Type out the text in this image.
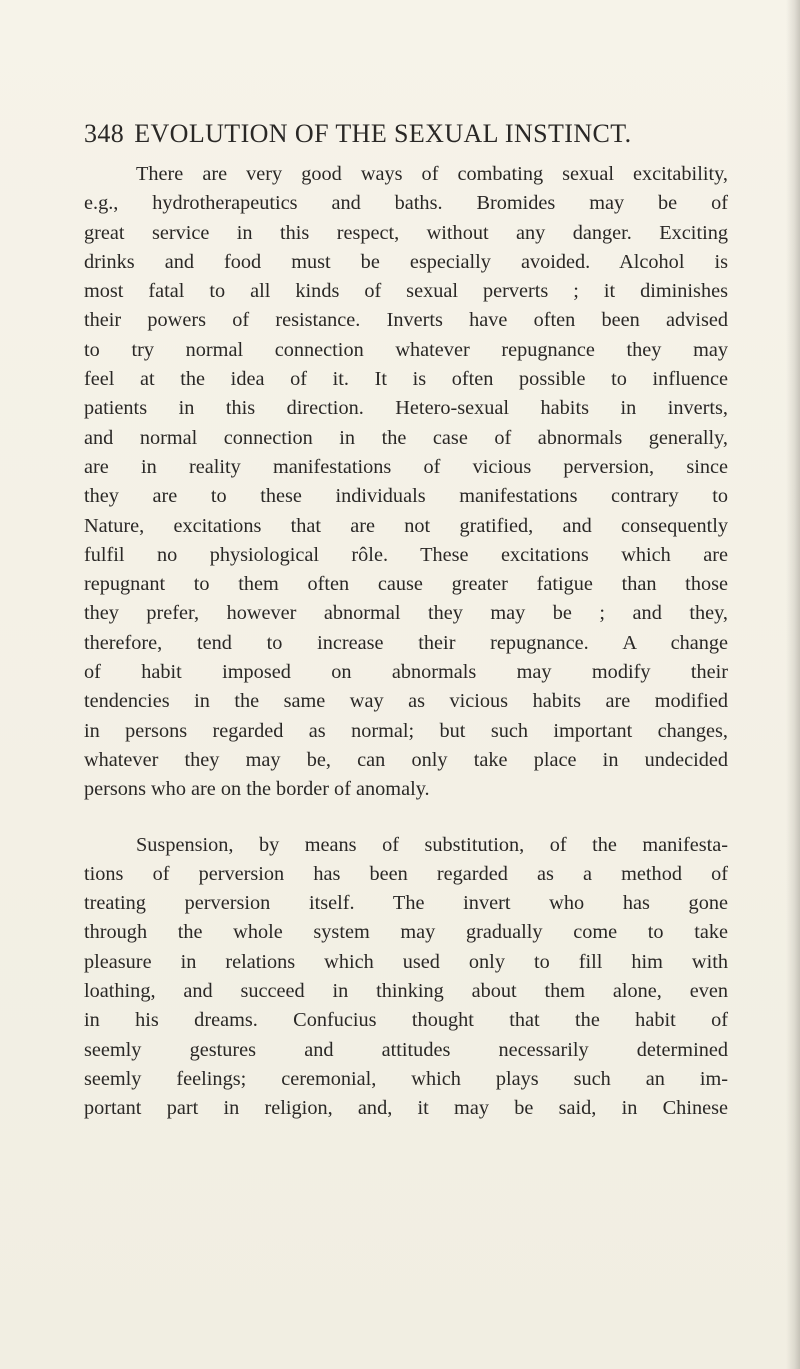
348 EVOLUTION OF THE SEXUAL INSTINCT.

There are very good ways of combating sexual excitability,
e.g., hydrotherapeutics and baths. Bromides may be of
great service in this respect, without any danger. Exciting
drinks and food must be especially avoided. Alcohol is
most fatal to all kinds of sexual perverts ; it diminishes
their powers of resistance. Inverts have often been advised
to try normal connection whatever repugnance they may
feel at the idea of it. It is often possible to influence
patients in this direction. Hetero-sexual habits in inverts,
and normal connection in the case of abnormals generally,
are in reality manifestations of vicious perversion, since
they are to these individuals manifestations contrary to
Nature, excitations that are not gratified, and consequently
fulfil no physiological rôle. These excitations which are
repugnant to them often cause greater fatigue than those
they prefer, however abnormal they may be ; and they,
therefore, tend to increase their repugnance. A change
of habit imposed on abnormals may modify their
tendencies in the same way as vicious habits are modified
in persons regarded as normal; but such important changes,
whatever they may be, can only take place in undecided
persons who are on the border of anomaly.

Suspension, by means of substitution, of the manifesta-
tions of perversion has been regarded as a method of
treating perversion itself. The invert who has gone
through the whole system may gradually come to take
pleasure in relations which used only to fill him with
loathing, and succeed in thinking about them alone, even
in his dreams. Confucius thought that the habit of
seemly gestures and attitudes necessarily determined
seemly feelings; ceremonial, which plays such an im-
portant part in religion, and, it may be said, in Chinese
